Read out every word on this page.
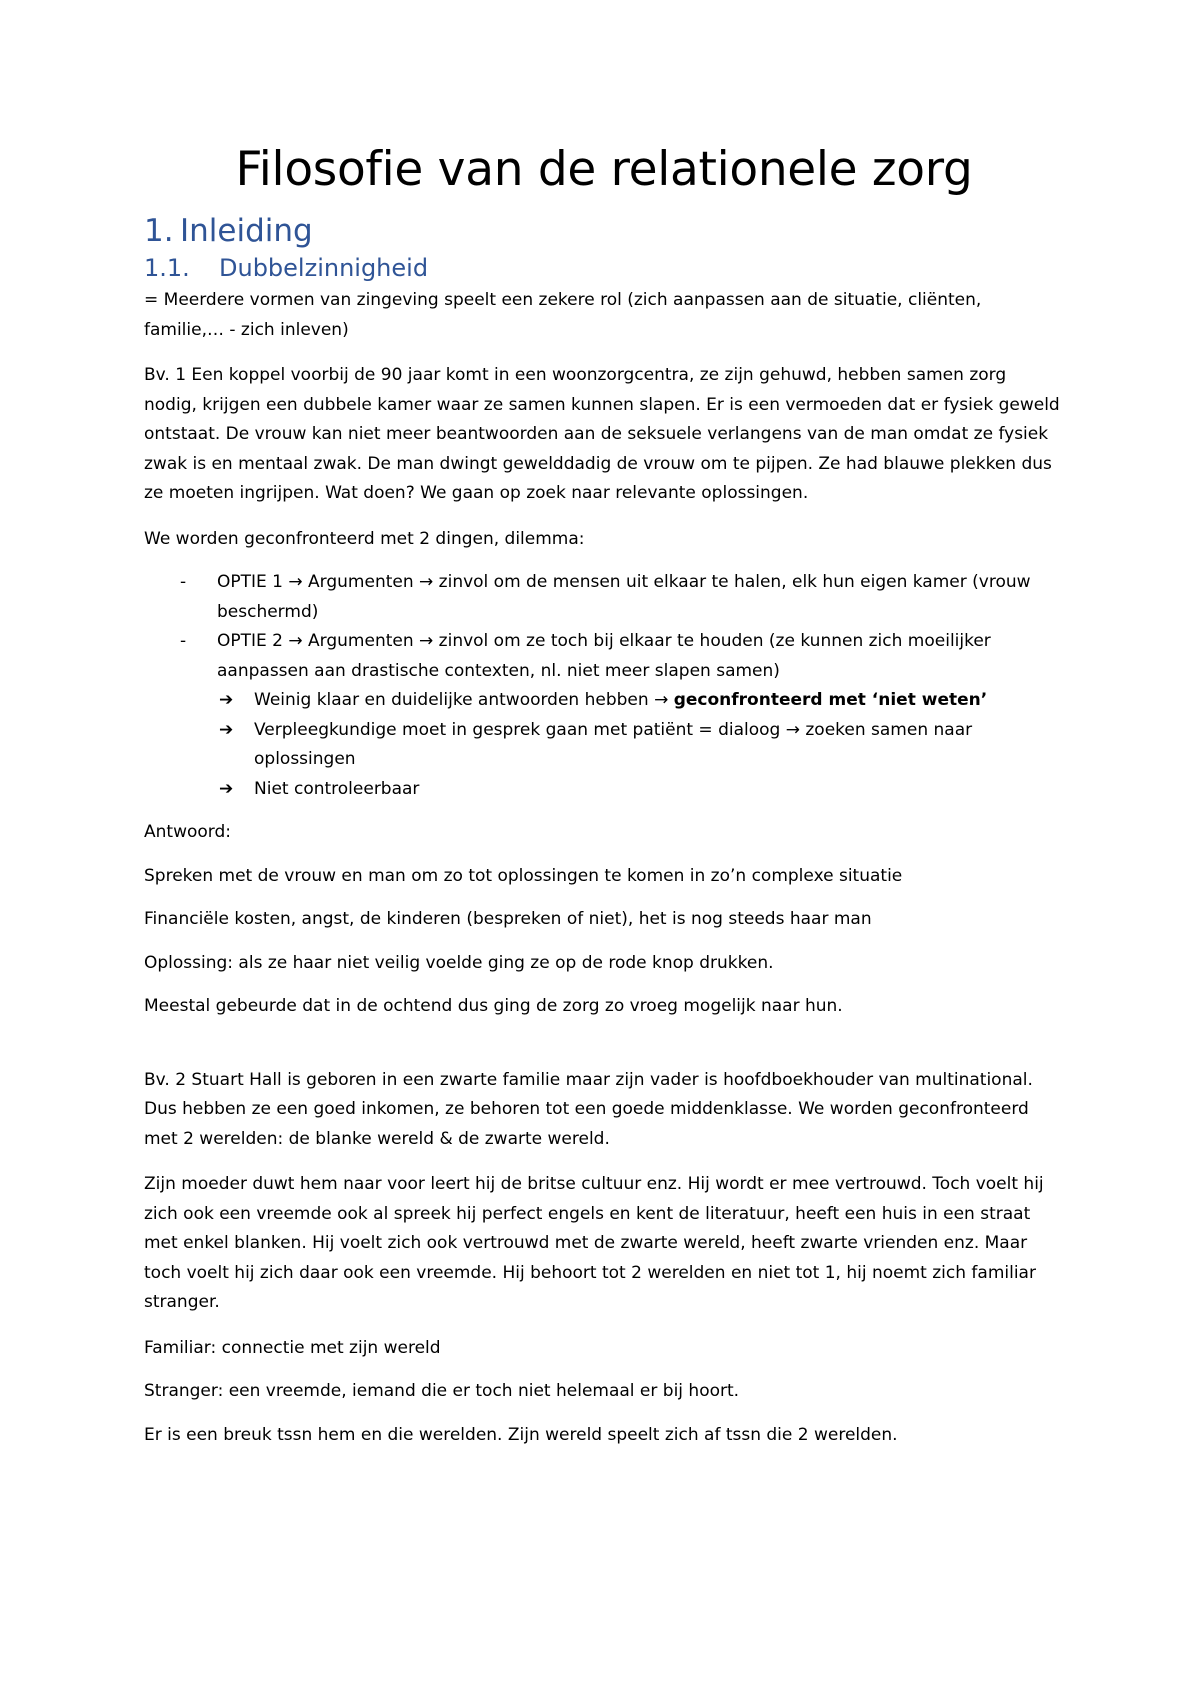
Filosofie van de relationele zorg
1. Inleiding
1.1. Dubbelzinnigheid

= Meerdere vormen van zingeving speelt een zekere rol (zich aanpassen aan de situatie, cliënten, familie,… - zich inleven)

Bv. 1 Een koppel voorbij de 90 jaar komt in een woonzorgcentra, ze zijn gehuwd, hebben samen zorg nodig, krijgen een dubbele kamer waar ze samen kunnen slapen. Er is een vermoeden dat er fysiek geweld ontstaat. De vrouw kan niet meer beantwoorden aan de seksuele verlangens van de man omdat ze fysiek zwak is en mentaal zwak. De man dwingt gewelddadig de vrouw om te pijpen. Ze had blauwe plekken dus ze moeten ingrijpen. Wat doen? We gaan op zoek naar relevante oplossingen.

We worden geconfronteerd met 2 dingen, dilemma:

- OPTIE 1 → Argumenten → zinvol om de mensen uit elkaar te halen, elk hun eigen kamer (vrouw beschermd)
- OPTIE 2 → Argumenten → zinvol om ze toch bij elkaar te houden (ze kunnen zich moeilijker aanpassen aan drastische contexten, nl. niet meer slapen samen)
➔ Weinig klaar en duidelijke antwoorden hebben → geconfronteerd met ‘niet weten’
➔ Verpleegkundige moet in gesprek gaan met patiënt = dialoog → zoeken samen naar oplossingen
➔ Niet controleerbaar

Antwoord:

Spreken met de vrouw en man om zo tot oplossingen te komen in zo’n complexe situatie

Financiële kosten, angst, de kinderen (bespreken of niet), het is nog steeds haar man

Oplossing: als ze haar niet veilig voelde ging ze op de rode knop drukken.

Meestal gebeurde dat in de ochtend dus ging de zorg zo vroeg mogelijk naar hun.

Bv. 2 Stuart Hall is geboren in een zwarte familie maar zijn vader is hoofdboekhouder van multinational. Dus hebben ze een goed inkomen, ze behoren tot een goede middenklasse. We worden geconfronteerd met 2 werelden: de blanke wereld & de zwarte wereld.

Zijn moeder duwt hem naar voor leert hij de britse cultuur enz. Hij wordt er mee vertrouwd. Toch voelt hij zich ook een vreemde ook al spreek hij perfect engels en kent de literatuur, heeft een huis in een straat met enkel blanken. Hij voelt zich ook vertrouwd met de zwarte wereld, heeft zwarte vrienden enz. Maar toch voelt hij zich daar ook een vreemde. Hij behoort tot 2 werelden en niet tot 1, hij noemt zich familiar stranger.

Familiar: connectie met zijn wereld

Stranger: een vreemde, iemand die er toch niet helemaal er bij hoort.

Er is een breuk tssn hem en die werelden. Zijn wereld speelt zich af tssn die 2 werelden.
